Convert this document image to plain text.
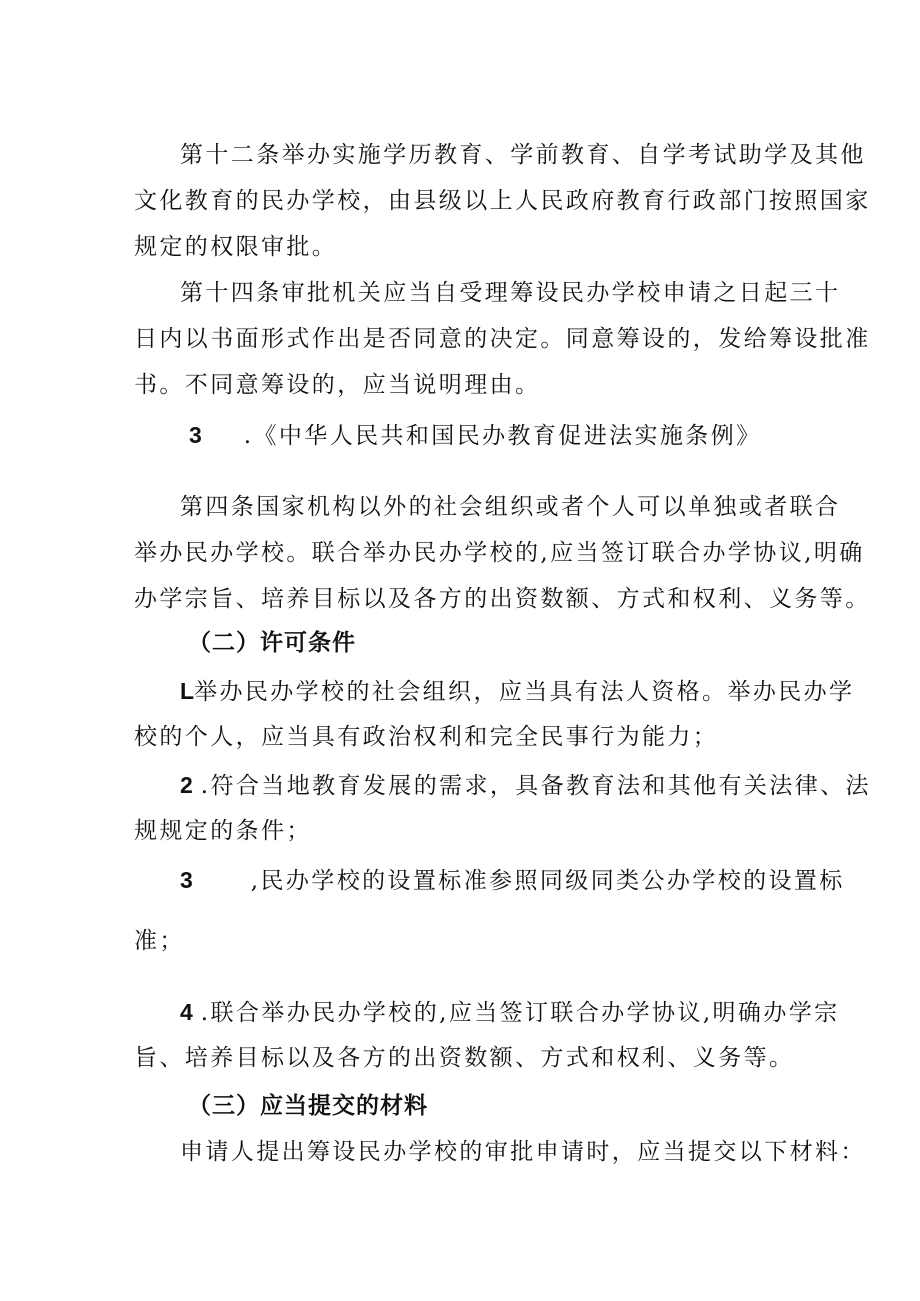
第十二条举办实施学历教育、学前教育、自学考试助学及其他
文化教育的民办学校，由县级以上人民政府教育行政部门按照国家
规定的权限审批。
第十四条审批机关应当自受理筹设民办学校申请之日起三十
日内以书面形式作出是否同意的决定。同意筹设的，发给筹设批准
书。不同意筹设的，应当说明理由。
3 .《中华人民共和国民办教育促进法实施条例》
第四条国家机构以外的社会组织或者个人可以单独或者联合
举办民办学校。联合举办民办学校的,应当签订联合办学协议,明确
办学宗旨、培养目标以及各方的出资数额、方式和权利、义务等。
（二）许可条件
L举办民办学校的社会组织，应当具有法人资格。举办民办学
校的个人，应当具有政治权利和完全民事行为能力；
2 .符合当地教育发展的需求，具备教育法和其他有关法律、法
规规定的条件；
3	,民办学校的设置标准参照同级同类公办学校的设置标
准；
4 .联合举办民办学校的,应当签订联合办学协议,明确办学宗
旨、培养目标以及各方的出资数额、方式和权利、义务等。
（三）应当提交的材料
申请人提出筹设民办学校的审批申请时，应当提交以下材料：
